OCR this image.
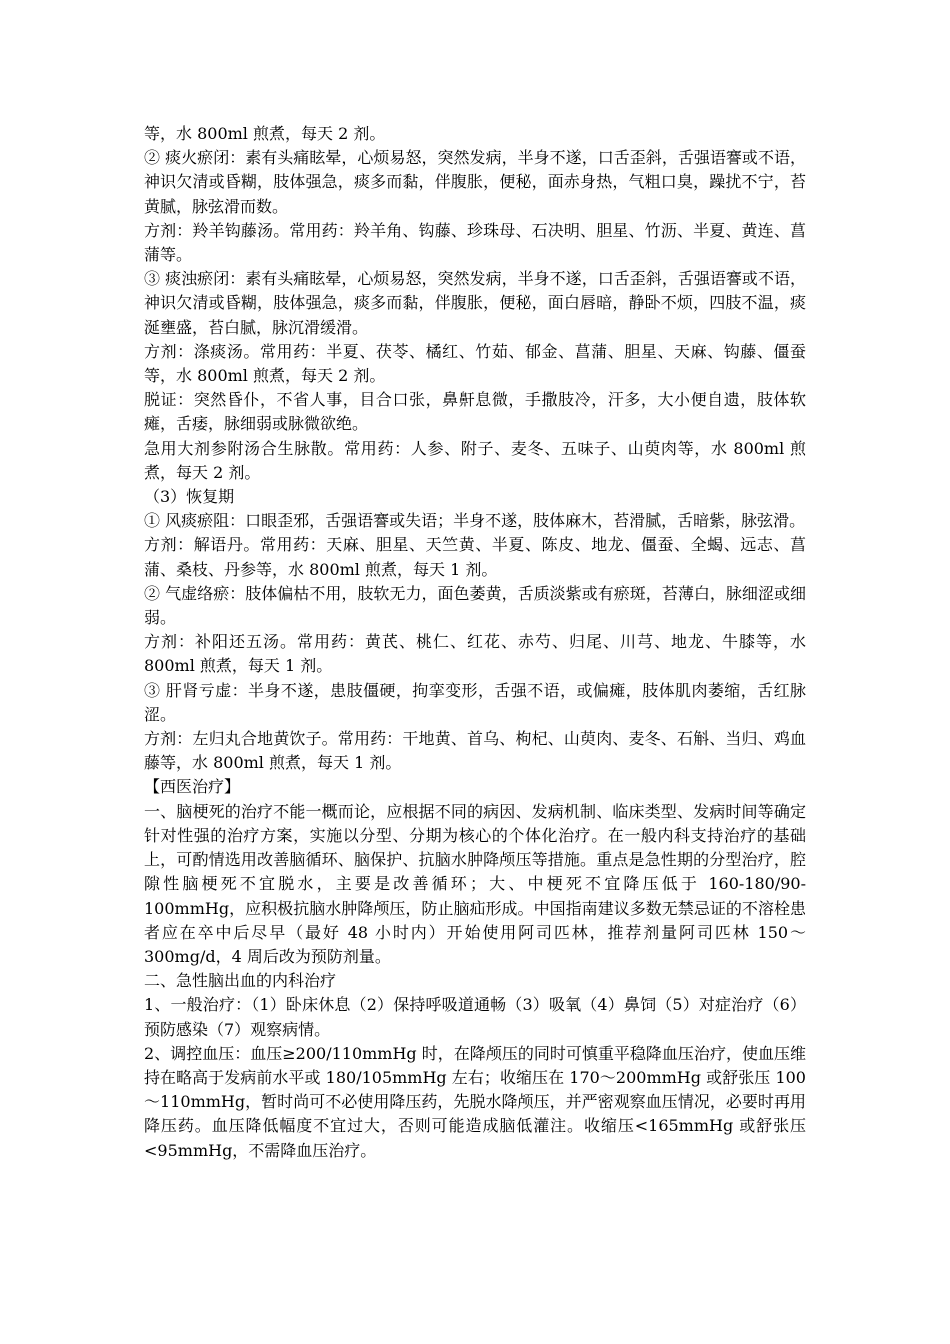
等，水 800ml 煎煮，每天 2 剂。

② 痰火瘀闭：素有头痛眩晕，心烦易怒，突然发病，半身不遂，口舌歪斜，舌强语謇或不语，神识欠清或昏糊，肢体强急，痰多而黏，伴腹胀，便秘，面赤身热，气粗口臭，躁扰不宁，苔黄腻，脉弦滑而数。

方剂：羚羊钩藤汤。常用药：羚羊角、钩藤、珍珠母、石决明、胆星、竹沥、半夏、黄连、菖蒲等。

③ 痰浊瘀闭：素有头痛眩晕，心烦易怒，突然发病，半身不遂，口舌歪斜，舌强语謇或不语，神识欠清或昏糊，肢体强急，痰多而黏，伴腹胀，便秘，面白唇暗，静卧不烦，四肢不温，痰涎壅盛，苔白腻，脉沉滑缓滑。

方剂：涤痰汤。常用药：半夏、茯苓、橘红、竹茹、郁金、菖蒲、胆星、天麻、钩藤、僵蚕等，水 800ml 煎煮，每天 2 剂。

脱证：突然昏仆，不省人事，目合口张，鼻鼾息微，手撒肢冷，汗多，大小便自遗，肢体软瘫，舌痿，脉细弱或脉微欲绝。

急用大剂参附汤合生脉散。常用药：人参、附子、麦冬、五味子、山萸肉等，水 800ml 煎煮，每天 2 剂。

（3）恢复期

① 风痰瘀阻：口眼歪邪，舌强语謇或失语；半身不遂，肢体麻木，苔滑腻，舌暗紫，脉弦滑。

方剂：解语丹。常用药：天麻、胆星、天竺黄、半夏、陈皮、地龙、僵蚕、全蝎、远志、菖蒲、桑枝、丹参等，水 800ml 煎煮，每天 1 剂。

② 气虚络瘀：肢体偏枯不用，肢软无力，面色萎黄，舌质淡紫或有瘀斑，苔薄白，脉细涩或细弱。

方剂：补阳还五汤。常用药：黄芪、桃仁、红花、赤芍、归尾、川芎、地龙、牛膝等，水 800ml 煎煮，每天 1 剂。

③ 肝肾亏虚：半身不遂，患肢僵硬，拘挛变形，舌强不语，或偏瘫，肢体肌肉萎缩，舌红脉涩。

方剂：左归丸合地黄饮子。常用药：干地黄、首乌、枸杞、山萸肉、麦冬、石斛、当归、鸡血藤等，水 800ml 煎煮，每天 1 剂。

【西医治疗】

一、脑梗死的治疗不能一概而论，应根据不同的病因、发病机制、临床类型、发病时间等确定针对性强的治疗方案，实施以分型、分期为核心的个体化治疗。在一般内科支持治疗的基础上，可酌情选用改善脑循环、脑保护、抗脑水肿降颅压等措施。重点是急性期的分型治疗，腔隙性脑梗死不宜脱水，主要是改善循环；大、中梗死不宜降压低于 160-180/90-100mmHg，应积极抗脑水肿降颅压，防止脑疝形成。中国指南建议多数无禁忌证的不溶栓患者应在卒中后尽早（最好 48 小时内）开始使用阿司匹林，推荐剂量阿司匹林 150～300mg/d，4 周后改为预防剂量。

二、急性脑出血的内科治疗

1、一般治疗：（1）卧床休息（2）保持呼吸道通畅（3）吸氧（4）鼻饲（5）对症治疗（6）预防感染（7）观察病情。

2、调控血压：血压≥200/110mmHg 时，在降颅压的同时可慎重平稳降血压治疗，使血压维持在略高于发病前水平或 180/105mmHg 左右；收缩压在 170～200mmHg 或舒张压 100～110mmHg，暂时尚可不必使用降压药，先脱水降颅压，并严密观察血压情况，必要时再用降压药。血压降低幅度不宜过大，否则可能造成脑低灌注。收缩压<165mmHg 或舒张压<95mmHg，不需降血压治疗。
